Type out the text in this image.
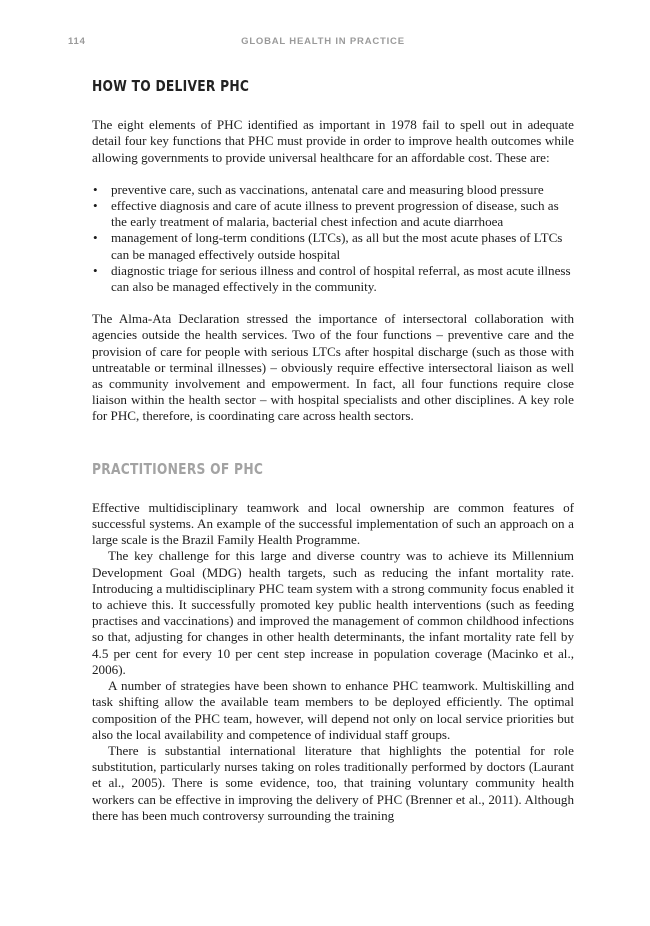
114	GLOBAL HEALTH IN PRACTICE
HOW TO DELIVER PHC

The eight elements of PHC identified as important in 1978 fail to spell out in adequate detail four key functions that PHC must provide in order to improve health outcomes while allowing governments to provide universal healthcare for an affordable cost. These are:

• preventive care, such as vaccinations, antenatal care and measuring blood pressure
• effective diagnosis and care of acute illness to prevent progression of disease, such as the early treatment of malaria, bacterial chest infection and acute diarrhoea
• management of long-term conditions (LTCs), as all but the most acute phases of LTCs can be managed effectively outside hospital
• diagnostic triage for serious illness and control of hospital referral, as most acute illness can also be managed effectively in the community.

The Alma-Ata Declaration stressed the importance of intersectoral collaboration with agencies outside the health services. Two of the four functions – preventive care and the provision of care for people with serious LTCs after hospital discharge (such as those with untreatable or terminal illnesses) – obviously require effective intersectoral liaison as well as community involvement and empowerment. In fact, all four functions require close liaison within the health sector – with hospital specialists and other disciplines. A key role for PHC, therefore, is coordinating care across health sectors.

PRACTITIONERS OF PHC

Effective multidisciplinary teamwork and local ownership are common features of successful systems. An example of the successful implementation of such an approach on a large scale is the Brazil Family Health Programme.

The key challenge for this large and diverse country was to achieve its Millennium Development Goal (MDG) health targets, such as reducing the infant mortality rate. Introducing a multidisciplinary PHC team system with a strong community focus enabled it to achieve this. It successfully promoted key public health interventions (such as feeding practises and vaccinations) and improved the management of common childhood infections so that, adjusting for changes in other health determinants, the infant mortality rate fell by 4.5 per cent for every 10 per cent step increase in population coverage (Macinko et al., 2006).

A number of strategies have been shown to enhance PHC teamwork. Multiskilling and task shifting allow the available team members to be deployed efficiently. The optimal composition of the PHC team, however, will depend not only on local service priorities but also the local availability and competence of individual staff groups.

There is substantial international literature that highlights the potential for role substitution, particularly nurses taking on roles traditionally performed by doctors (Laurant et al., 2005). There is some evidence, too, that training voluntary community health workers can be effective in improving the delivery of PHC (Brenner et al., 2011). Although there has been much controversy surrounding the training
